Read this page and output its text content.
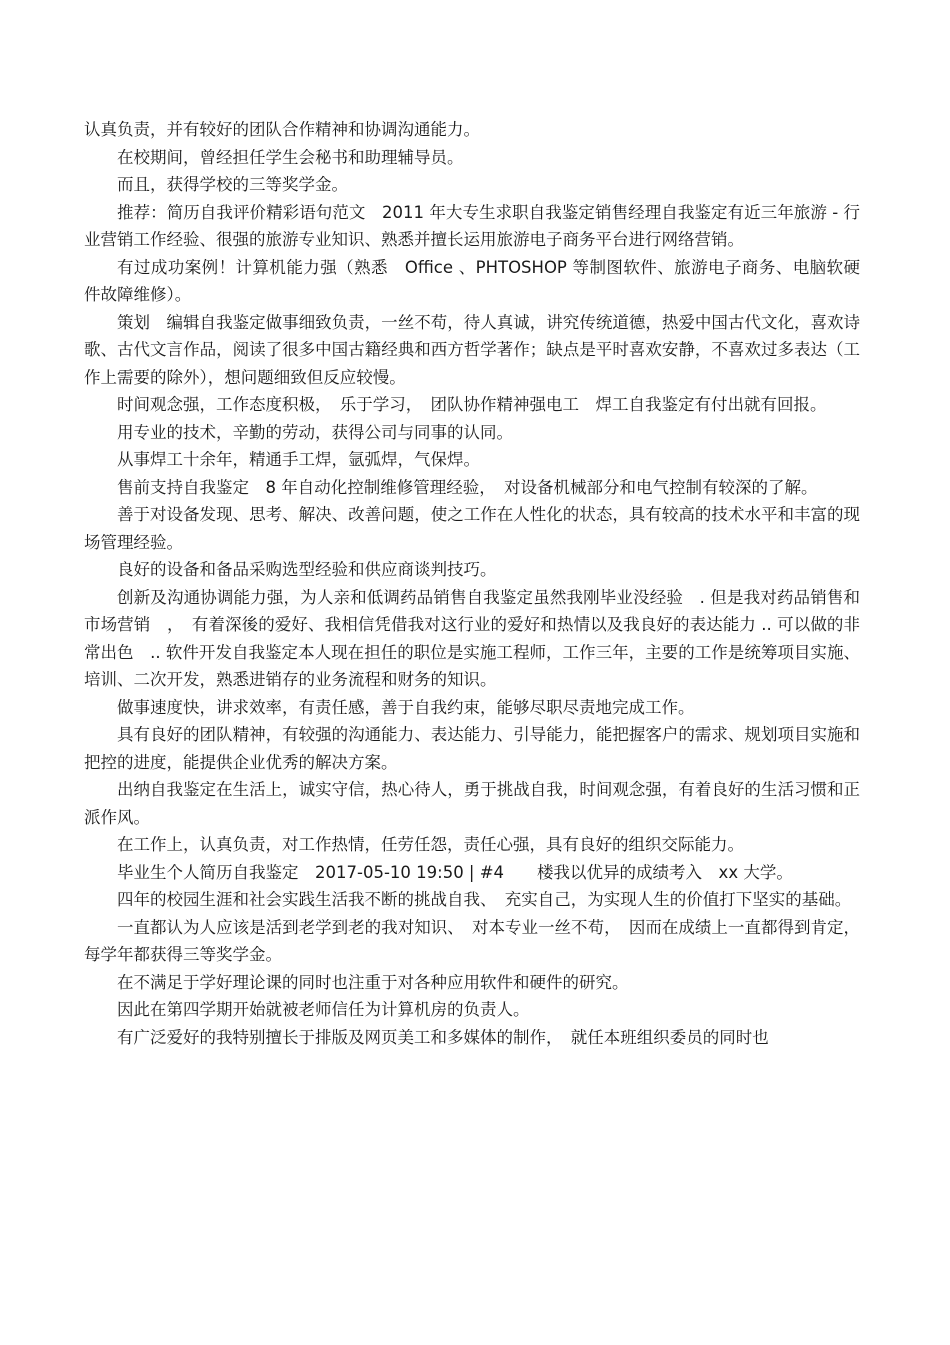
认真负责，并有较好的团队合作精神和协调沟通能力。

在校期间，曾经担任学生会秘书和助理辅导员。

而且，获得学校的三等奖学金。

推荐：简历自我评价精彩语句范文　2011 年大专生求职自我鉴定销售经理自我鉴定有近三年旅游 - 行业营销工作经验、很强的旅游专业知识、熟悉并擅长运用旅游电子商务平台进行网络营销。

有过成功案例！计算机能力强（熟悉　Office 、PHTOSHOP 等制图软件、旅游电子商务、电脑软硬件故障维修）。

策划　编辑自我鉴定做事细致负责，一丝不苟，待人真诚，讲究传统道德，热爱中国古代文化，喜欢诗歌、古代文言作品，阅读了很多中国古籍经典和西方哲学著作；缺点是平时喜欢安静，不喜欢过多表达（工作上需要的除外），想问题细致但反应较慢。

时间观念强，工作态度积极，　乐于学习，　团队协作精神强电工　焊工自我鉴定有付出就有回报。

用专业的技术，辛勤的劳动，获得公司与同事的认同。

从事焊工十余年，精通手工焊，氩弧焊，气保焊。

售前支持自我鉴定　8 年自动化控制维修管理经验，　对设备机械部分和电气控制有较深的了解。

善于对设备发现、思考、解决、改善问题，使之工作在人性化的状态，具有较高的技术水平和丰富的现场管理经验。

良好的设备和备品采购选型经验和供应商谈判技巧。

创新及沟通协调能力强，为人亲和低调药品销售自我鉴定虽然我刚毕业没经验　. 但是我对药品销售和市场营销　，　有着深後的爱好、我相信凭借我对这行业的爱好和热情以及我良好的表达能力 .. 可以做的非常出色　.. 软件开发自我鉴定本人现在担任的职位是实施工程师，工作三年，主要的工作是统筹项目实施、培训、二次开发，熟悉进销存的业务流程和财务的知识。

做事速度快，讲求效率，有责任感，善于自我约束，能够尽职尽责地完成工作。

具有良好的团队精神，有较强的沟通能力、表达能力、引导能力，能把握客户的需求、规划项目实施和把控的进度，能提供企业优秀的解决方案。

出纳自我鉴定在生活上，诚实守信，热心待人，勇于挑战自我，时间观念强，有着良好的生活习惯和正派作风。

在工作上，认真负责，对工作热情，任劳任怨，责任心强，具有良好的组织交际能力。

毕业生个人简历自我鉴定　2017-05-10 19:50 | #4　　楼我以优异的成绩考入　xx 大学。

四年的校园生涯和社会实践生活我不断的挑战自我、　充实自己，为实现人生的价值打下坚实的基础。

一直都认为人应该是活到老学到老的我对知识、　对本专业一丝不苟，　因而在成绩上一直都得到肯定，每学年都获得三等奖学金。

在不满足于学好理论课的同时也注重于对各种应用软件和硬件的研究。

因此在第四学期开始就被老师信任为计算机房的负责人。

有广泛爱好的我特别擅长于排版及网页美工和多媒体的制作，　就任本班组织委员的同时也
